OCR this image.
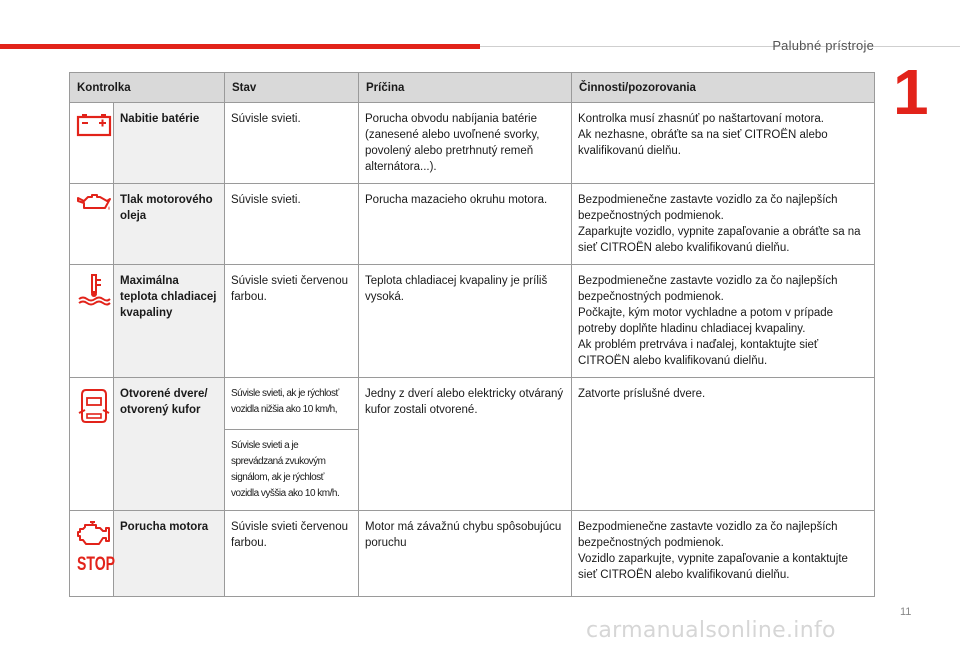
Palubné prístroje
1
Kontrolka		Stav	Príčina	Činnosti/pozorovania

	Nabitie batérie	Súvisle svieti.	Porucha obvodu nabíjania batérie (zanesené alebo uvoľnené svorky, povolený alebo pretrhnutý remeň alternátora...).	Kontrolka musí zhasnúť po naštartovaní motora.
Ak nezhasne, obráťte sa na sieť CITROËN alebo kvalifikovanú dielňu.

	Tlak motorového oleja	Súvisle svieti.	Porucha mazacieho okruhu motora.	Bezpodmienečne zastavte vozidlo za čo najlepších bezpečnostných podmienok.
Zaparkujte vozidlo, vypnite zapaľovanie a obráťte sa na sieť CITROËN alebo kvalifikovanú dielňu.

	Maximálna teplota chladiacej kvapaliny	Súvisle svieti červenou farbou.	Teplota chladiacej kvapaliny je príliš vysoká.	Bezpodmienečne zastavte vozidlo za čo najlepších bezpečnostných podmienok.
Počkajte, kým motor vychladne a potom v prípade potreby doplňte hladinu chladiacej kvapaliny.
Ak problém pretrváva i naďalej, kontaktujte sieť CITROËN alebo kvalifikovanú dielňu.

	Otvorené dvere/ otvorený kufor	Súvisle svieti, ak je rýchlosť vozidla nižšia ako 10 km/h,	Jedny z dverí alebo elektricky otváraný kufor zostali otvorené.	Zatvorte príslušné dvere.

		Súvisle svieti a je sprevádzaná zvukovým signálom, ak je rýchlosť vozidla vyššia ako 10 km/h.		

STOP	Porucha motora	Súvisle svieti červenou farbou.	Motor má závažnú chybu spôsobujúcu poruchu	Bezpodmienečne zastavte vozidlo za čo najlepších bezpečnostných podmienok.
Vozidlo zaparkujte, vypnite zapaľovanie a kontaktujte sieť CITROËN alebo kvalifikovanú dielňu.
11
carmanualsonline.info
